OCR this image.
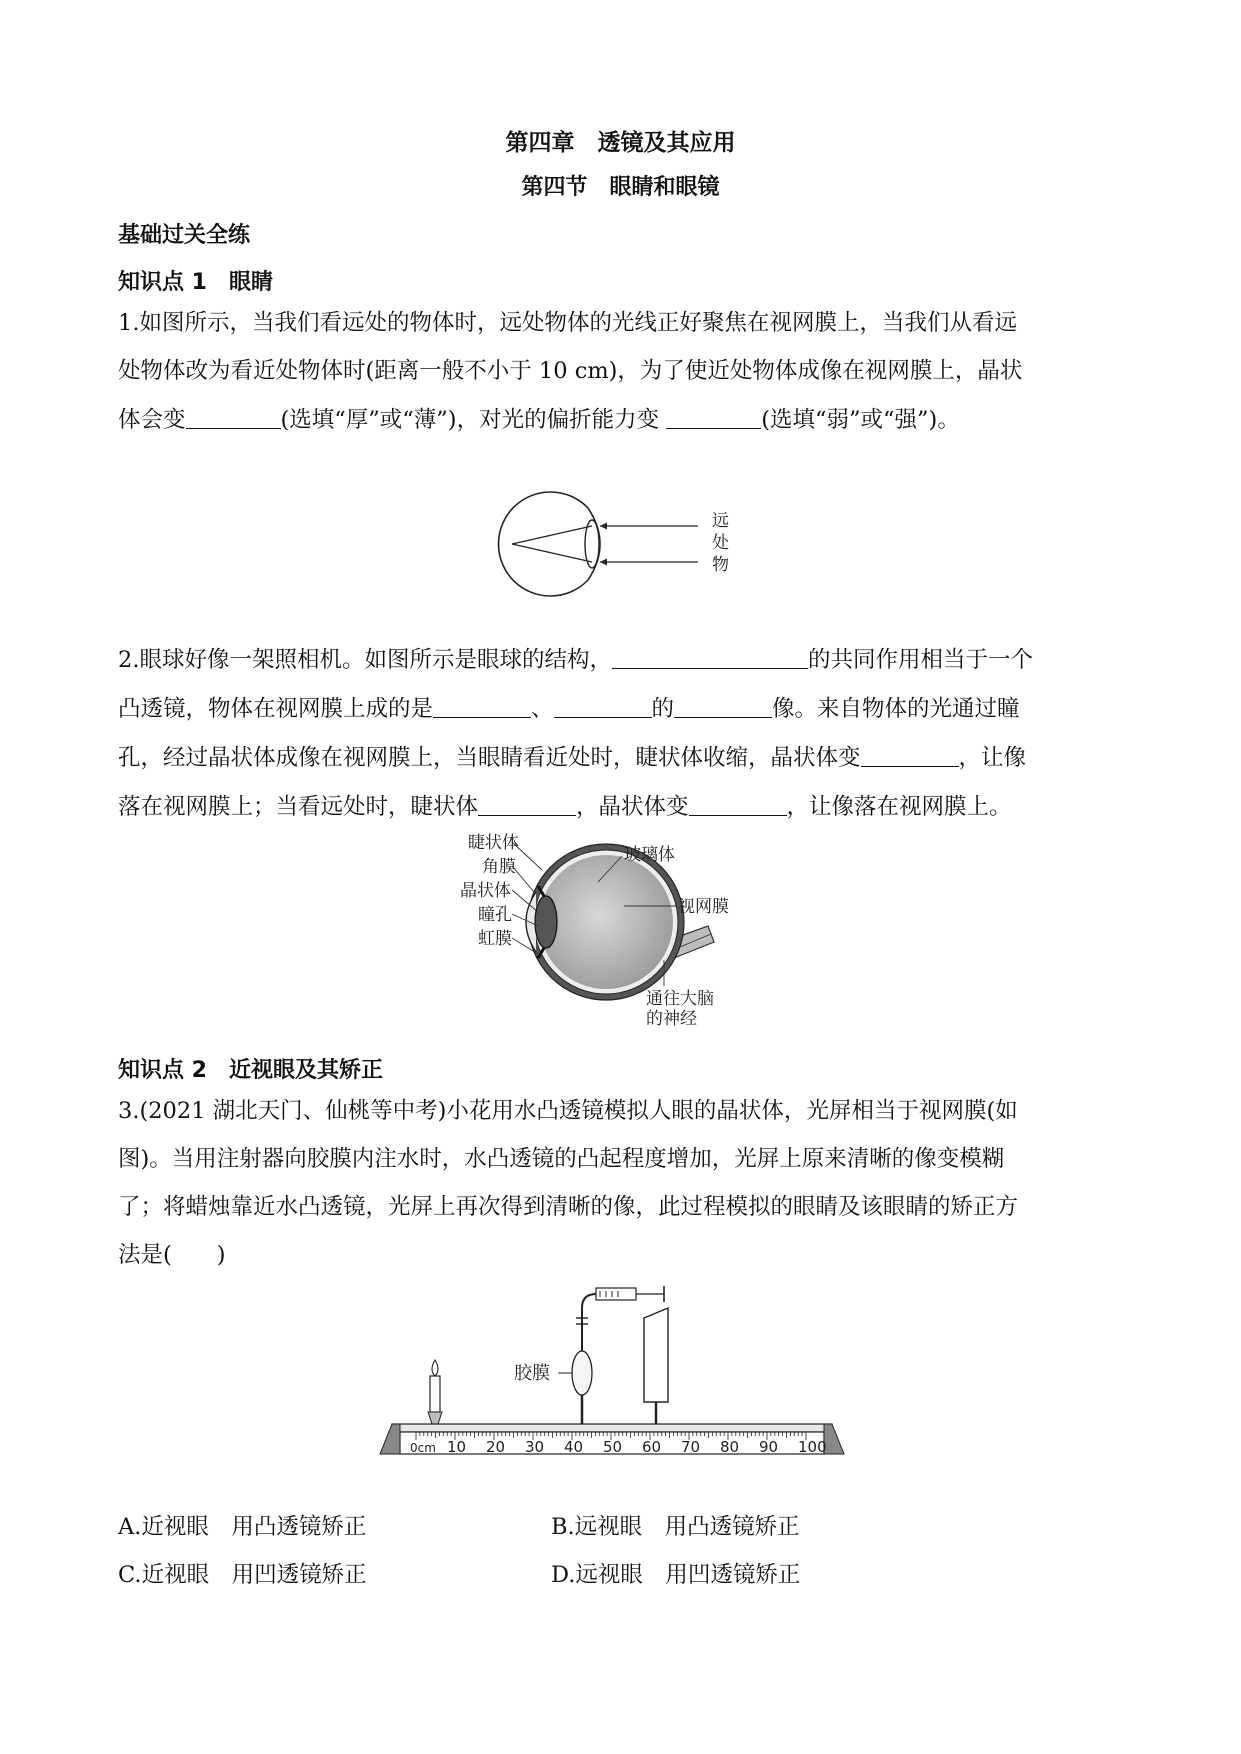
第四章　透镜及其应用
第四节　眼睛和眼镜
基础过关全练
知识点 1　眼睛
1.如图所示，当我们看远处的物体时，远处物体的光线正好聚焦在视网膜上，当我们从看远
处物体改为看近处物体时(距离一般不小于 10 cm)，为了使近处物体成像在视网膜上，晶状
体会变	(选填“厚”或“薄”)，对光的偏折能力变	(选填“弱”或“强”)。
远
处
物
2.眼球好像一架照相机。如图所示是眼球的结构，	的共同作用相当于一个
凸透镜，物体在视网膜上成的是	、	的	像。来自物体的光通过瞳
孔，经过晶状体成像在视网膜上，当眼睛看近处时，睫状体收缩，晶状体变	，让像
落在视网膜上；当看远处时，睫状体	，晶状体变	，让像落在视网膜上。
睫状体
角膜
晶状体
瞳孔
虹膜
玻璃体
视网膜
通往大脑
的神经
知识点 2　近视眼及其矫正
3.(2021 湖北天门、仙桃等中考)小花用水凸透镜模拟人眼的晶状体，光屏相当于视网膜(如
图)。当用注射器向胶膜内注水时，水凸透镜的凸起程度增加，光屏上原来清晰的像变模糊
了；将蜡烛靠近水凸透镜，光屏上再次得到清晰的像，此过程模拟的眼睛及该眼睛的矫正方
法是(　　)
胶膜
0cm 10 20 30 40 50 60 70 80 90 100
A.近视眼　用凸透镜矫正	B.远视眼　用凸透镜矫正
C.近视眼　用凹透镜矫正	D.远视眼　用凹透镜矫正
